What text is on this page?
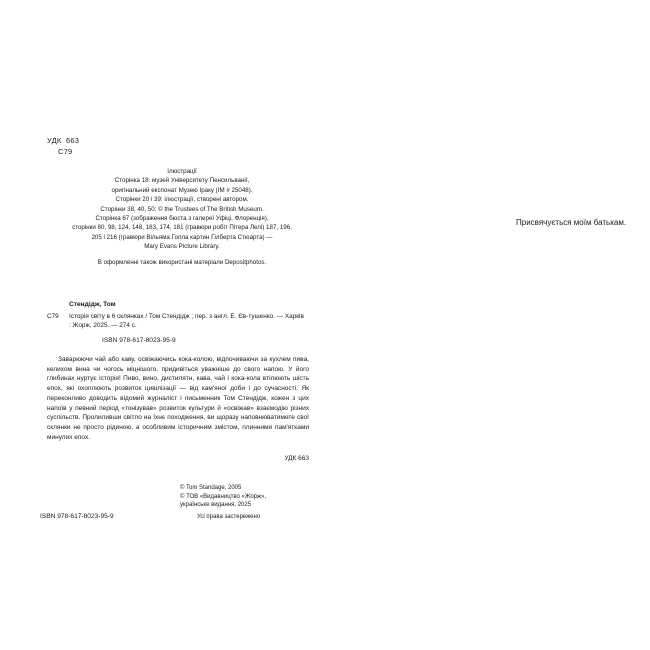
УДК  663
С79

Ілюстрації

Сторінка 18: музей Університету Пенсильванії,

оригінальний експонат Музею Іраку (IM # 25048).

Сторінки 20 і 39: ілюстрації, створені автором.

Сторінки 38, 40, 50: © the Trustees of The British Museum.

Сторінка 67 (зображення бюста з галереї Уфіці, Флоренція),

сторінки 80, 98, 124, 148, 163, 174, 181 (гравюри робіт Пітера Лелі) 187, 196,

205 і 216 (гравюри Вільяма Голла картин Гілберта Стюарта) —

Mary Evans Picture Library.

В оформленні також використані матеріали Depositphotos.
Присвячується моїм батькам.
Стендідж, Том
С79 Історія світу в 6 склянках / Том Стендідж ; пер. з англ. Е. Єв-тушенко. — Харків : Жорж, 2025. — 274 с.
ISBN 978-617-8023-95-9
Заварюючи чай або каву, освіжаючись кока-колою, відпочиваючи за кухлем пива, келихом вина чи чогось міцнішого, придивіться уважніше до свого напою. У його глибинах нуртує історія! Пиво, вино, дистилятн, кава, чай і кока-кола втілюють шість епох, які охоплюють розвиток цивілізації — від кам'яної доби і до сучасності. Як переконливо доводить відомий журналіст і письменник Том Стендідж, кожен з цих напоїв у певний період «тонізував» розвиток культури й «освіжав» взаємодію різних суспільств. Пролиливши світло на їхнє походження, ви щоразу наповнюватимете свої склянки не просто рідиною, а особливим історичним змістом, плинними пам'ятками минулих епох.
УДК 663
© Tom Standage, 2005
© ТОВ «Видавництво «Жорж»,
українське видання, 2025
ISBN 978-617-8023-95-9	Усі права застережено
